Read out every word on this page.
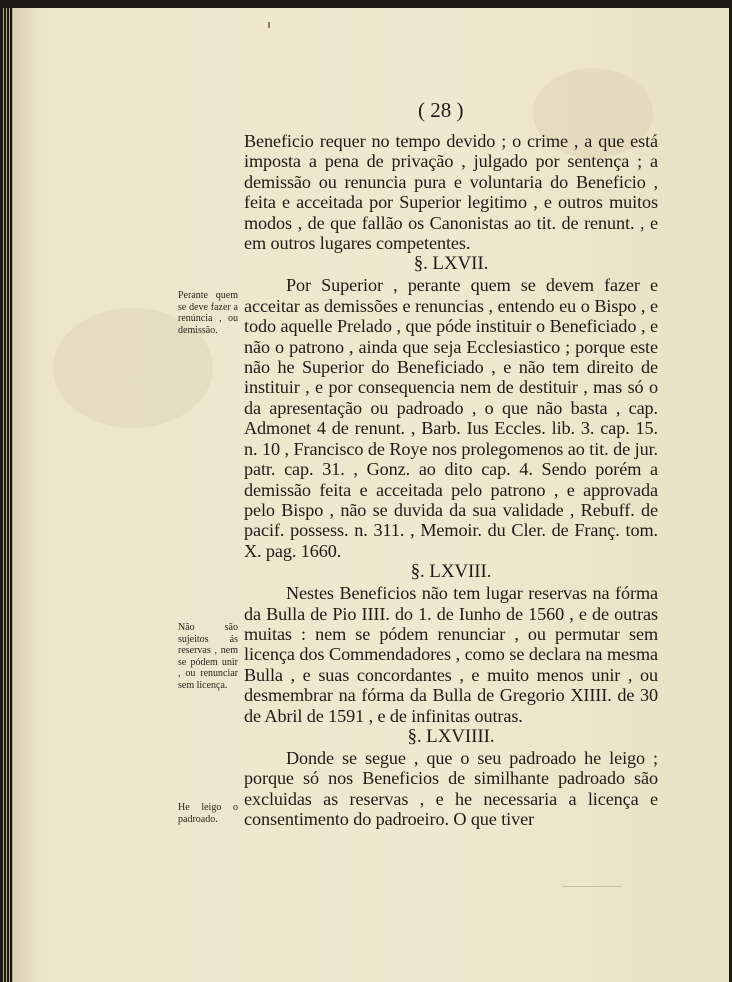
( 28 )

Beneficio requer no tempo devido ; o crime , a que está imposta a pena de privação , julgado por sentença ; a demissão ou renuncia pura e voluntaria do Beneficio , feita e acceitada por Superior legitimo , e outros muitos modos , de que fallão os Canonistas ao tit. de renunt. , e em outros lugares competentes.

§. LXVII.

Por Superior , perante quem se devem fazer e acceitar as demissões e renuncias , entendo eu o Bispo , e todo aquelle Prelado , que póde instituir o Beneficiado , e não o patrono , ainda que seja Ecclesiastico ; porque este não he Superior do Beneficiado , e não tem direito de instituir , e por consequencia nem de destituir , mas só o da apresentação ou padroado , o que não basta , cap. Admonet 4 de renunt. , Barb. Ius Eccles. lib. 3. cap. 15. n. 10 , Francisco de Roye nos prolegomenos ao tit. de jur. patr. cap. 31. , Gonz. ao dito cap. 4. Sendo porém a demissão feita e acceitada pelo patrono , e approvada pelo Bispo , não se duvida da sua validade , Rebuff. de pacif. possess. n. 311. , Memoir. du Cler. de Franç. tom. X. pag. 1660.

§. LXVIII.

Nestes Beneficios não tem lugar reservas na fórma da Bulla de Pio IIII. do 1. de Iunho de 1560 , e de outras muitas : nem se pódem renunciar , ou permutar sem licença dos Commendadores , como se declara na mesma Bulla , e suas concordantes , e muito menos unir , ou desmembrar na fórma da Bulla de Gregorio XIIII. de 30 de Abril de 1591 , e de infinitas outras.

§. LXVIIII.

Donde se segue , que o seu padroado he leigo ; porque só nos Beneficios de similhante padroado são excluidas as reservas , e he necessaria a licença e consentimento do padroeiro. O que tiver

Perante quem se deve fazer a renúncia , ou demissão.
Não são sujeitos ás reservas , nem se pódem unir , ou renunciar sem licença.
He leigo o padroado.
